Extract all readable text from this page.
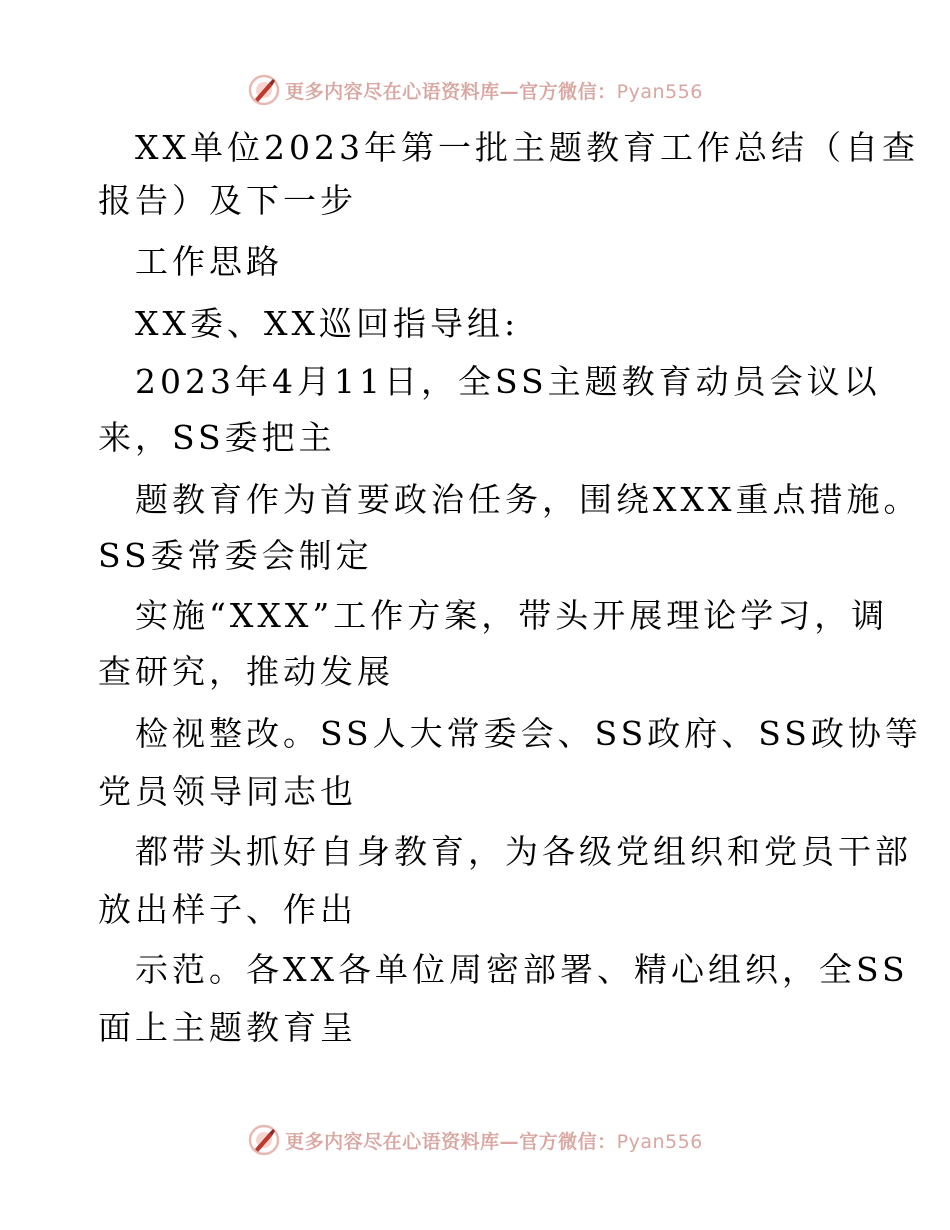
更多内容尽在心语资料库—官方微信：Pyan556
XX单位2023年第一批主题教育工作总结（自查
报告）及下一步
工作思路
XX委、XX巡回指导组:
2023年4月11日，全SS主题教育动员会议以
来，SS委把主
题教育作为首要政治任务，围绕XXX重点措施。
SS委常委会制定
实施“XXX”工作方案，带头开展理论学习，调
查研究，推动发展
检视整改。SS人大常委会、SS政府、SS政协等
党员领导同志也
都带头抓好自身教育，为各级党组织和党员干部
放出样子、作出
示范。各XX各单位周密部署、精心组织，全SS
面上主题教育呈
更多内容尽在心语资料库—官方微信：Pyan556
